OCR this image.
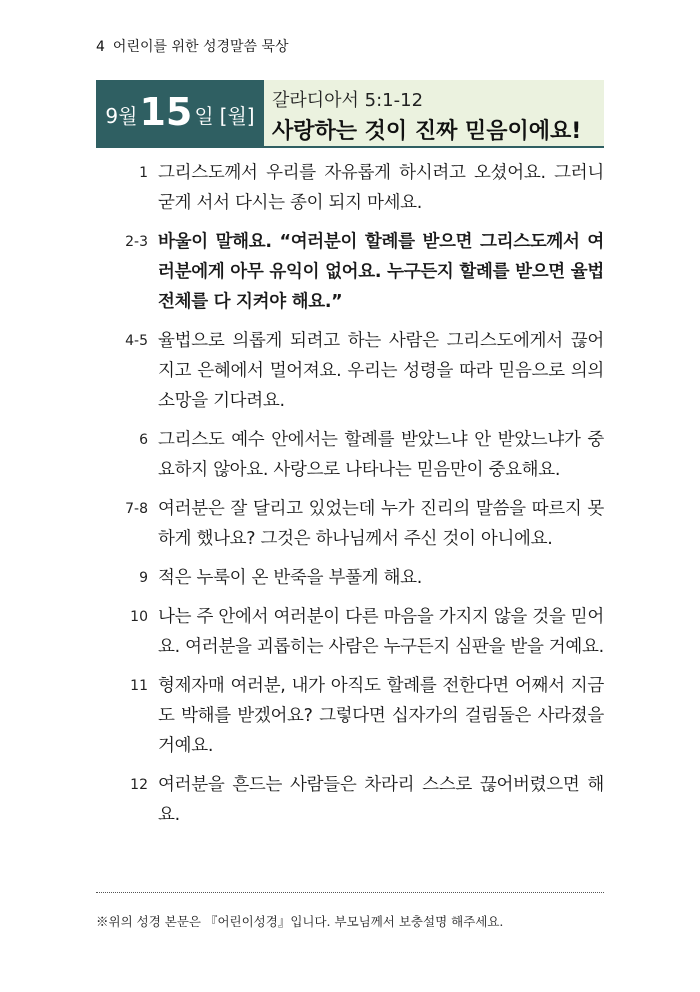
4 어린이를 위한 성경말씀 묵상
9월 15 일 [월]
갈라디아서 5:1-12
사랑하는 것이 진짜 믿음이에요!
1 그리스도께서 우리를 자유롭게 하시려고 오셨어요. 그러니 굳게 서서 다시는 종이 되지 마세요.
2-3 바울이 말해요. “여러분이 할례를 받으면 그리스도께서 여러분에게 아무 유익이 없어요. 누구든지 할례를 받으면 율법 전체를 다 지켜야 해요.”
4-5 율법으로 의롭게 되려고 하는 사람은 그리스도에게서 끊어지고 은혜에서 멀어져요. 우리는 성령을 따라 믿음으로 의의 소망을 기다려요.
6 그리스도 예수 안에서는 할례를 받았느냐 안 받았느냐가 중요하지 않아요. 사랑으로 나타나는 믿음만이 중요해요.
7-8 여러분은 잘 달리고 있었는데 누가 진리의 말씀을 따르지 못하게 했나요? 그것은 하나님께서 주신 것이 아니에요.
9 적은 누룩이 온 반죽을 부풀게 해요.
10 나는 주 안에서 여러분이 다른 마음을 가지지 않을 것을 믿어요. 여러분을 괴롭히는 사람은 누구든지 심판을 받을 거예요.
11 형제자매 여러분, 내가 아직도 할례를 전한다면 어째서 지금도 박해를 받겠어요? 그렇다면 십자가의 걸림돌은 사라졌을 거예요.
12 여러분을 흔드는 사람들은 차라리 스스로 끊어버렸으면 해요.
※위의 성경 본문은 『어린이성경』입니다. 부모님께서 보충설명 해주세요.
